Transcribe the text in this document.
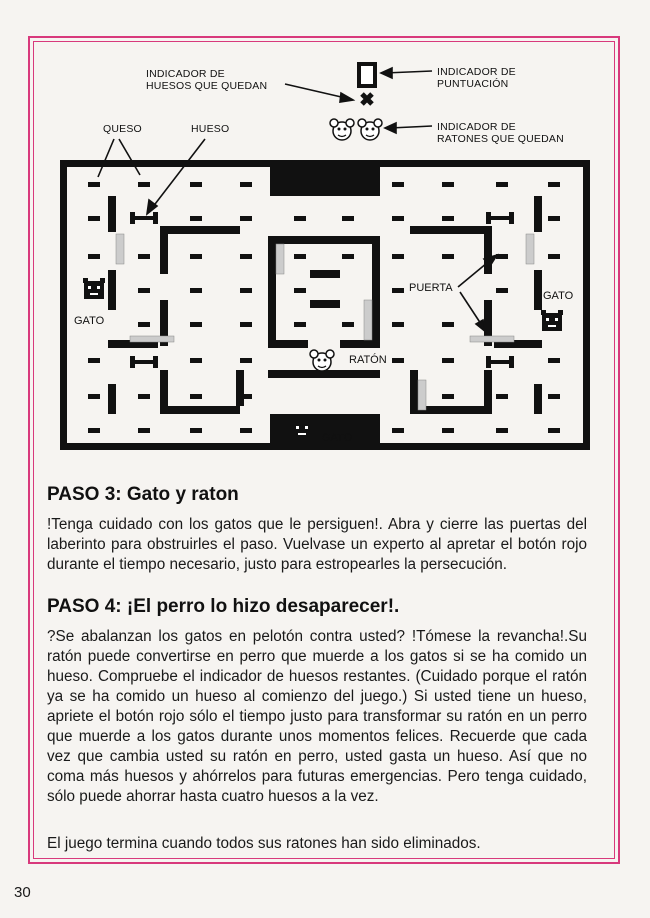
INDICADOR DE
HUESOS QUE QUEDAN
INDICADOR DE
PUNTUACIÓN
INDICADOR DE
RATONES QUE QUEDAN
QUESO	HUESO
GATO
GATO
GATO
PUERTA
RATÓN
PASO 3: Gato y raton

!Tenga cuidado con los gatos que le persiguen!. Abra y cierre las puertas del laberinto para obstruirles el paso. Vuelvase un experto al apretar el botón rojo durante el tiempo necesario, justo para estropearles la persecución.

PASO 4: ¡El perro lo hizo desaparecer!.

?Se abalanzan los gatos en pelotón contra usted? !Tómese la revancha!.Su ratón puede convertirse en perro que muerde a los gatos si se ha comido un hueso. Compruebe el indicador de huesos restantes. (Cuidado porque el ratón ya se ha comido un hueso al comienzo del juego.) Si usted tiene un hueso, apriete el botón rojo sólo el tiempo justo para transformar su ratón en un perro que muerde a los gatos durante unos momentos felices. Recuerde que cada vez que cambia usted su ratón en perro, usted gasta un hueso. Así que no coma más huesos y ahórrelos para futuras emergencias. Pero tenga cuidado, sólo puede ahorrar hasta cuatro huesos a la vez.

El juego termina cuando todos sus ratones han sido eliminados.

30
